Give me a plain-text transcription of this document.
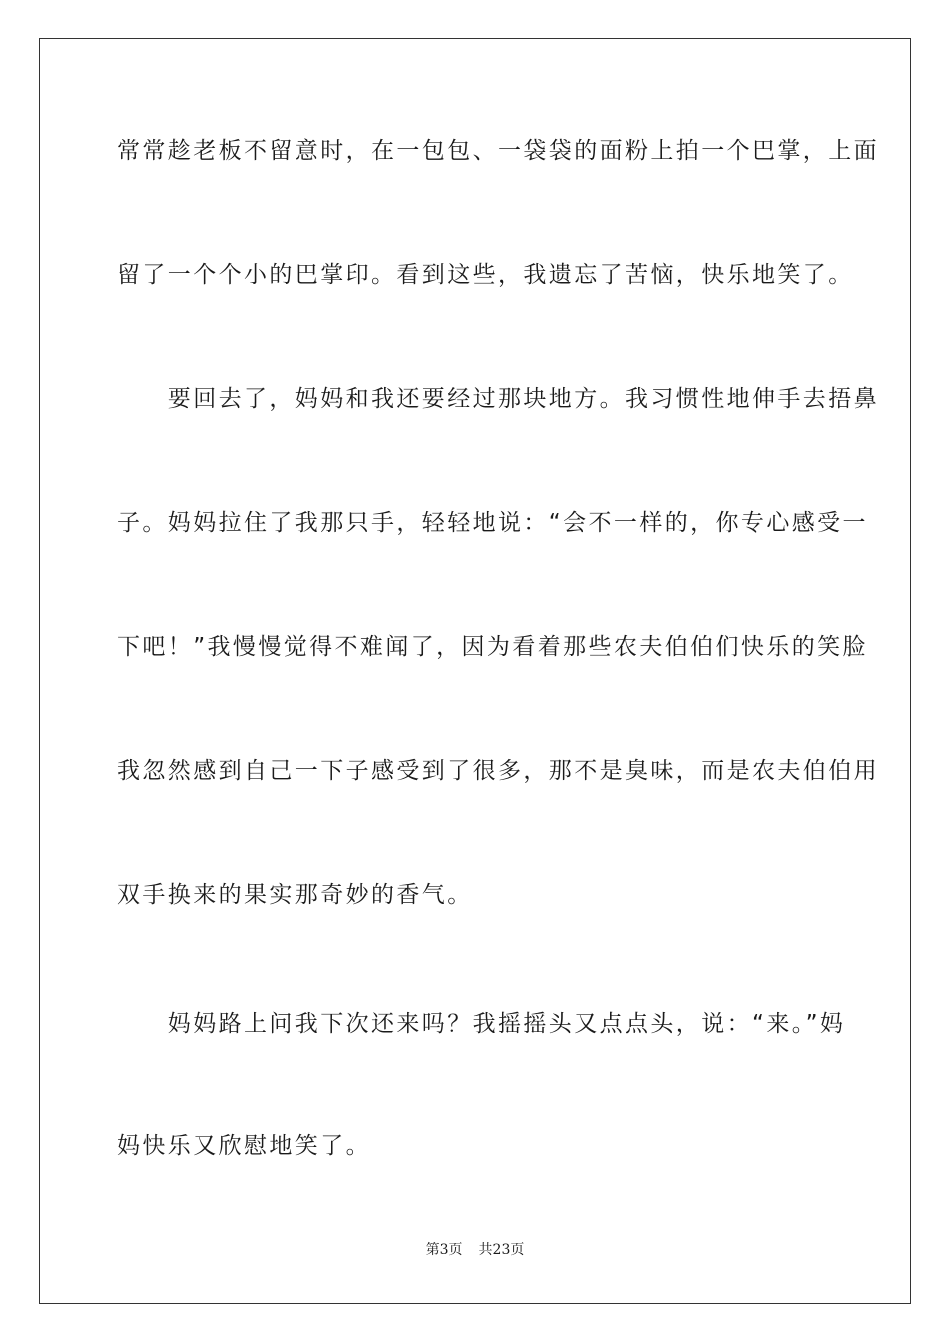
常常趁老板不留意时，在一包包、一袋袋的面粉上拍一个巴掌，上面
留了一个个小的巴掌印。看到这些，我遗忘了苦恼，快乐地笑了。
　　要回去了，妈妈和我还要经过那块地方。我习惯性地伸手去捂鼻
子。妈妈拉住了我那只手，轻轻地说：“会不一样的，你专心感受一
下吧！”我慢慢觉得不难闻了，因为看着那些农夫伯伯们快乐的笑脸
我忽然感到自己一下子感受到了很多，那不是臭味，而是农夫伯伯用
双手换来的果实那奇妙的香气。
　　妈妈路上问我下次还来吗？我摇摇头又点点头，说：“来。”妈
妈快乐又欣慰地笑了。
第3页 共23页
